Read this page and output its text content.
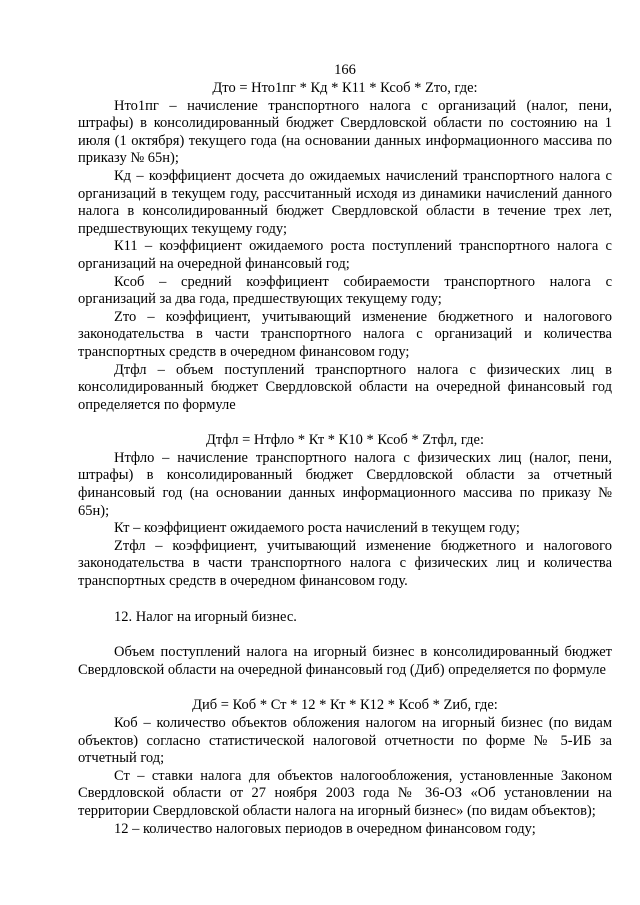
166

Дто = Нто1пг * Кд * К11 * Ксоб * Zто, где:

Нто1пг – начисление транспортного налога с организаций (налог, пени, штрафы) в консолидированный бюджет Свердловской области по состоянию на 1 июля (1 октября) текущего года (на основании данных информационного массива по приказу № 65н);

Кд – коэффициент досчета до ожидаемых начислений транспортного налога с организаций в текущем году, рассчитанный исходя из динамики начислений данного налога в консолидированный бюджет Свердловской области в течение трех лет, предшествующих текущему году;

К11 – коэффициент ожидаемого роста поступлений транспортного налога с организаций на очередной финансовый год;

Ксоб – средний коэффициент собираемости транспортного налога с организаций за два года, предшествующих текущему году;

Zто – коэффициент, учитывающий изменение бюджетного и налогового законодательства в части транспортного налога с организаций и количества транспортных средств в очередном финансовом году;

Дтфл – объем поступлений транспортного налога с физических лиц в консолидированный бюджет Свердловской области на очередной финансовый год определяется по формуле

Дтфл = Нтфло * Кт * К10 * Ксоб * Zтфл, где:

Нтфло – начисление транспортного налога с физических лиц (налог, пени, штрафы) в консолидированный бюджет Свердловской области за отчетный финансовый год (на основании данных информационного массива по приказу № 65н);

Кт – коэффициент ожидаемого роста начислений в текущем году;

Zтфл – коэффициент, учитывающий изменение бюджетного и налогового законодательства в части транспортного налога с физических лиц и количества транспортных средств в очередном финансовом году.

12. Налог на игорный бизнес.

Объем поступлений налога на игорный бизнес в консолидированный бюджет Свердловской области на очередной финансовый год (Диб) определяется по формуле

Диб = Коб * Ст * 12 * Кт * К12 * Ксоб * Zиб, где:

Коб – количество объектов обложения налогом на игорный бизнес (по видам объектов) согласно статистической налоговой отчетности по форме № 5-ИБ за отчетный год;

Ст – ставки налога для объектов налогообложения, установленные Законом Свердловской области от 27 ноября 2003 года № 36-ОЗ «Об установлении на территории Свердловской области налога на игорный бизнес» (по видам объектов);

12 – количество налоговых периодов в очередном финансовом году;
